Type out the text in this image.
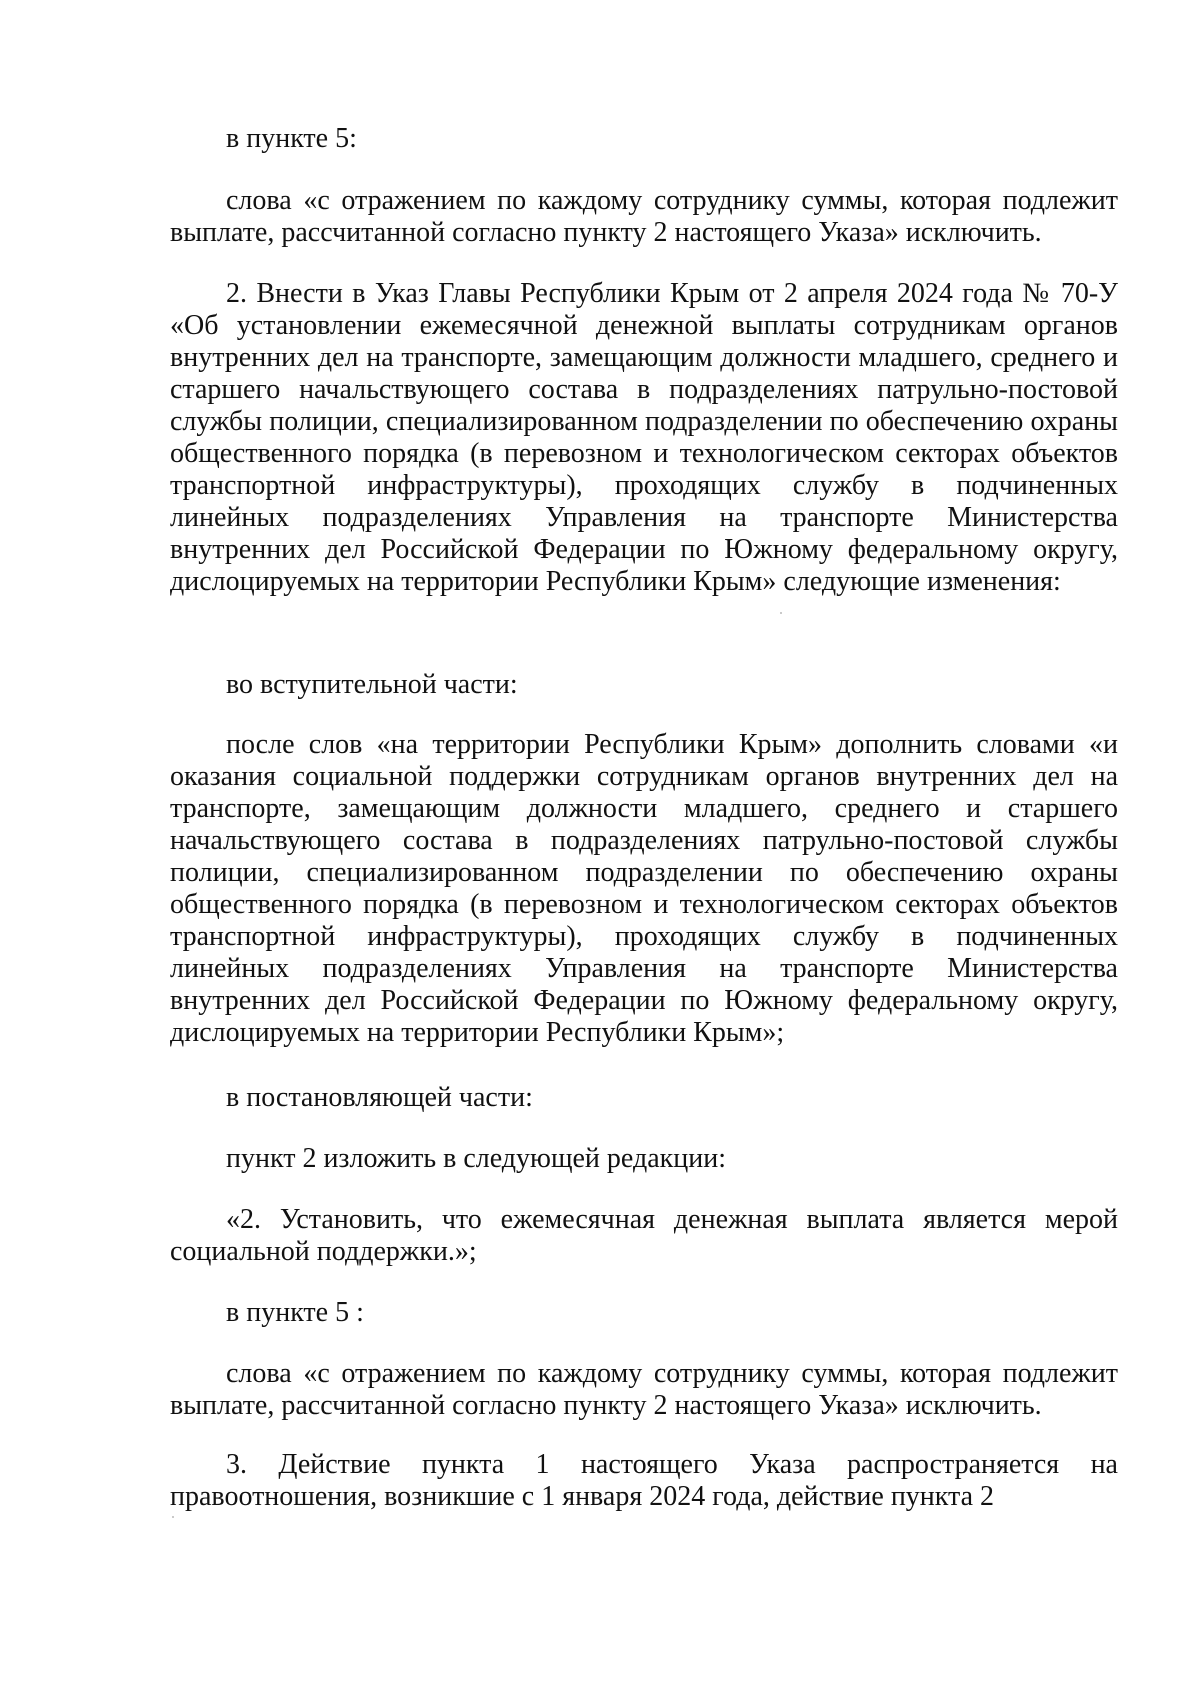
в пункте 5:

слова «с отражением по каждому сотруднику суммы, которая подлежит выплате, рассчитанной согласно пункту 2 настоящего Указа» исключить.

2. Внести в Указ Главы Республики Крым от 2 апреля 2024 года № 70-У «Об установлении ежемесячной денежной выплаты сотрудникам органов внутренних дел на транспорте, замещающим должности младшего, среднего и старшего начальствующего состава в подразделениях патрульно-постовой службы полиции, специализированном подразделении по обеспечению охраны общественного порядка (в перевозном и технологическом секторах объектов транспортной инфраструктуры), проходящих службу в подчиненных линейных подразделениях Управления на транспорте Министерства внутренних дел Российской Федерации по Южному федеральному округу, дислоцируемых на территории Республики Крым» следующие изменения:

во вступительной части:

после слов «на территории Республики Крым» дополнить словами «и оказания социальной поддержки сотрудникам органов внутренних дел на транспорте, замещающим должности младшего, среднего и старшего начальствующего состава в подразделениях патрульно-постовой службы полиции, специализированном подразделении по обеспечению охраны общественного порядка (в перевозном и технологическом секторах объектов транспортной инфраструктуры), проходящих службу в подчиненных линейных подразделениях Управления на транспорте Министерства внутренних дел Российской Федерации по Южному федеральному округу, дислоцируемых на территории Республики Крым»;

в постановляющей части:

пункт 2 изложить в следующей редакции:

«2. Установить, что ежемесячная денежная выплата является мерой социальной поддержки.»;

в пункте 5 :

слова «с отражением по каждому сотруднику суммы, которая подлежит выплате, рассчитанной согласно пункту 2 настоящего Указа» исключить.

3. Действие пункта 1 настоящего Указа распространяется на правоотношения, возникшие с 1 января 2024 года, действие пункта 2
